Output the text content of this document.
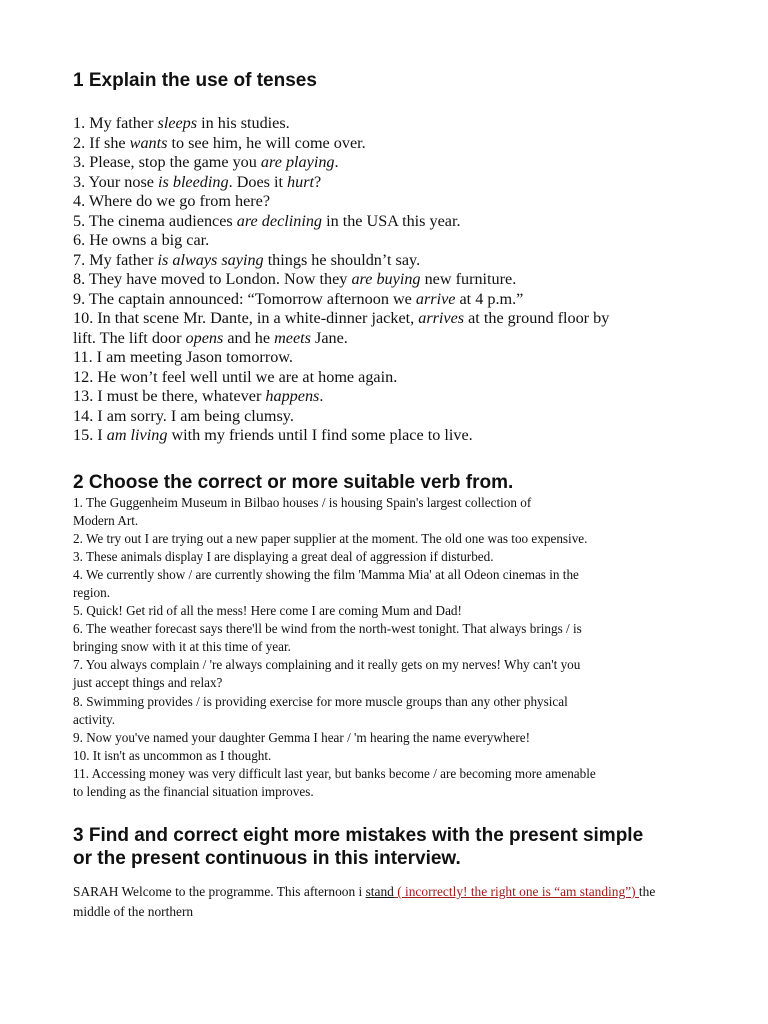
1 Explain the use of tenses
1. My father sleeps in his studies.
2. If she wants to see him, he will come over.
3. Please, stop the game you are playing.
3. Your nose is bleeding. Does it hurt?
4. Where do we go from here?
5. The cinema audiences are declining in the USA this year.
6. He owns a big car.
7. My father is always saying things he shouldn’t say.
8. They have moved to London. Now they are buying new furniture.
9. The captain announced: “Tomorrow afternoon we arrive at 4 p.m.”
10. In that scene Mr. Dante, in a white-dinner jacket, arrives at the ground floor by
lift. The lift door opens and he meets Jane.
11. I am meeting Jason tomorrow.
12. He won’t feel well until we are at home again.
13. I must be there, whatever happens.
14. I am sorry. I am being clumsy.
15. I am living with my friends until I find some place to live.
2 Choose the correct or more suitable verb from.
1. The Guggenheim Museum in Bilbao houses / is housing Spain's largest collection of
Modern Art.
2. We try out I are trying out a new paper supplier at the moment. The old one was too expensive.
3. These animals display I are displaying a great deal of aggression if disturbed.
4. We currently show / are currently showing the film 'Mamma Mia' at all Odeon cinemas in the
region.
5. Quick! Get rid of all the mess! Here come I are coming Mum and Dad!
6. The weather forecast says there'll be wind from the north-west tonight. That always brings / is
bringing snow with it at this time of year.
7. You always complain / 're always complaining and it really gets on my nerves! Why can't you
just accept things and relax?
8. Swimming provides / is providing exercise for more muscle groups than any other physical
activity.
9. Now you've named your daughter Gemma I hear / 'm hearing the name everywhere!
10. It isn't as uncommon as I thought.
11. Accessing money was very difficult last year, but banks become / are becoming more amenable
to lending as the financial situation improves.
3 Find and correct eight more mistakes with the present simple
or the present continuous in this interview.
SARAH Welcome to the programme. This afternoon i stand ( incorrectly! the right one is “am standing”) the middle of the northern
